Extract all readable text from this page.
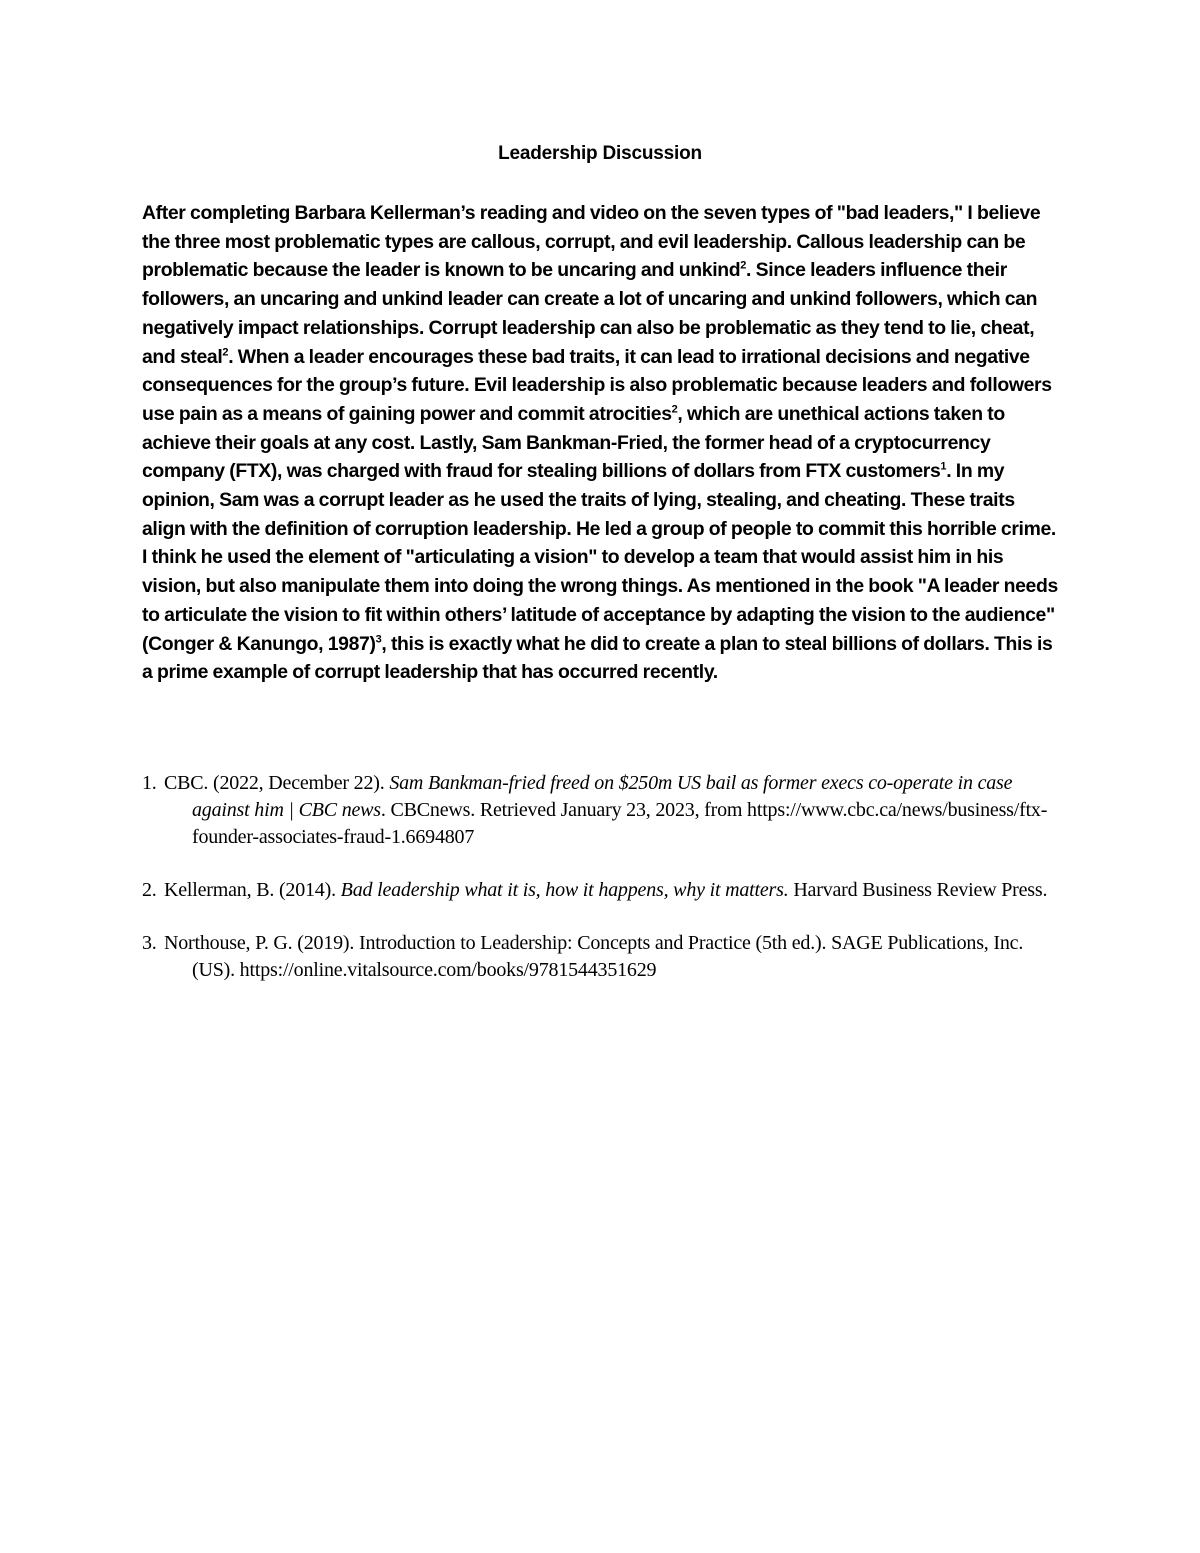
Leadership Discussion

After completing Barbara Kellerman’s reading and video on the seven types of "bad leaders," I believe the three most problematic types are callous, corrupt, and evil leadership. Callous leadership can be problematic because the leader is known to be uncaring and unkind$^2$. Since leaders influence their followers, an uncaring and unkind leader can create a lot of uncaring and unkind followers, which can negatively impact relationships. Corrupt leadership can also be problematic as they tend to lie, cheat, and steal$^2$. When a leader encourages these bad traits, it can lead to irrational decisions and negative consequences for the group’s future. Evil leadership is also problematic because leaders and followers use pain as a means of gaining power and commit atrocities$^2$, which are unethical actions taken to achieve their goals at any cost. Lastly, Sam Bankman-Fried, the former head of a cryptocurrency company (FTX), was charged with fraud for stealing billions of dollars from FTX customers$^1$. In my opinion, Sam was a corrupt leader as he used the traits of lying, stealing, and cheating. These traits align with the definition of corruption leadership. He led a group of people to commit this horrible crime. I think he used the element of "articulating a vision" to develop a team that would assist him in his vision, but also manipulate them into doing the wrong things. As mentioned in the book "A leader needs to articulate the vision to fit within others’ latitude of acceptance by adapting the vision to the audience" (Conger & Kanungo, 1987)$^3$, this is exactly what he did to create a plan to steal billions of dollars. This is a prime example of corrupt leadership that has occurred recently.

1. CBC. (2022, December 22). Sam Bankman-fried freed on $250m US bail as former execs co-operate in case against him | CBC news. CBCnews. Retrieved January 23, 2023, from https://www.cbc.ca/news/business/ftx-founder-associates-fraud-1.6694807
2. Kellerman, B. (2014). Bad leadership what it is, how it happens, why it matters. Harvard Business Review Press.
3. Northouse, P. G. (2019). Introduction to Leadership: Concepts and Practice (5th ed.). SAGE Publications, Inc. (US). https://online.vitalsource.com/books/9781544351629
